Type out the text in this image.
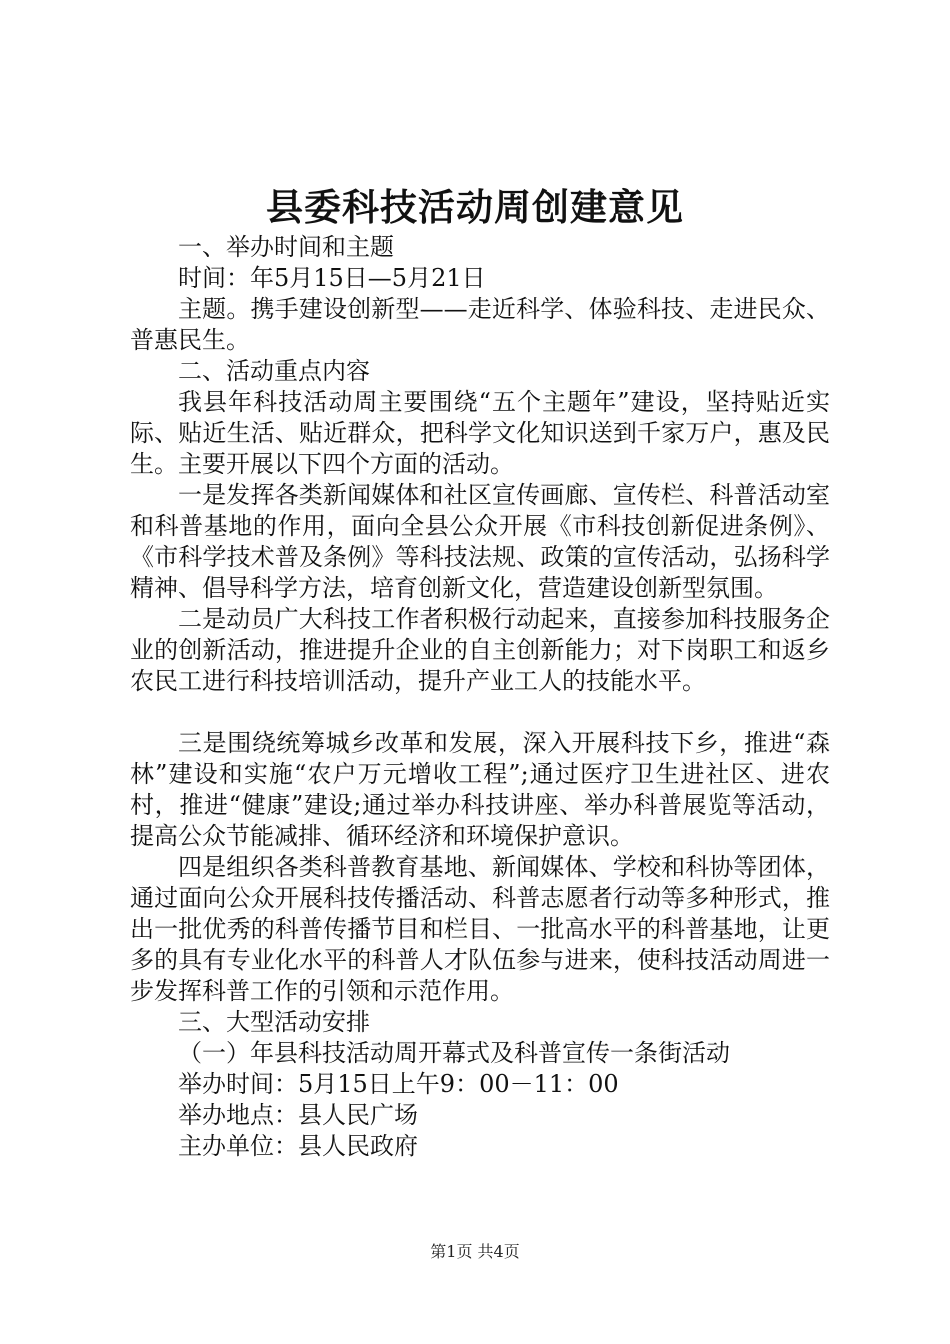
县委科技活动周创建意见

一、举办时间和主题

时间：年5月15日—5月21日

主题。携手建设创新型——走近科学、体验科技、走进民众、普惠民生。

二、活动重点内容

我县年科技活动周主要围绕“五个主题年”建设，坚持贴近实际、贴近生活、贴近群众，把科学文化知识送到千家万户，惠及民生。主要开展以下四个方面的活动。

一是发挥各类新闻媒体和社区宣传画廊、宣传栏、科普活动室和科普基地的作用，面向全县公众开展《市科技创新促进条例》、《市科学技术普及条例》等科技法规、政策的宣传活动，弘扬科学精神、倡导科学方法，培育创新文化，营造建设创新型氛围。

二是动员广大科技工作者积极行动起来，直接参加科技服务企业的创新活动，推进提升企业的自主创新能力；对下岗职工和返乡农民工进行科技培训活动，提升产业工人的技能水平。

三是围绕统筹城乡改革和发展，深入开展科技下乡，推进“森林”建设和实施“农户万元增收工程”;通过医疗卫生进社区、进农村，推进“健康”建设;通过举办科技讲座、举办科普展览等活动，提高公众节能减排、循环经济和环境保护意识。

四是组织各类科普教育基地、新闻媒体、学校和科协等团体，通过面向公众开展科技传播活动、科普志愿者行动等多种形式，推出一批优秀的科普传播节目和栏目、一批高水平的科普基地，让更多的具有专业化水平的科普人才队伍参与进来，使科技活动周进一步发挥科普工作的引领和示范作用。

三、大型活动安排

（一）年县科技活动周开幕式及科普宣传一条街活动

举办时间：5月15日上午9：00－11：00

举办地点：县人民广场

主办单位：县人民政府

第1页 共4页
